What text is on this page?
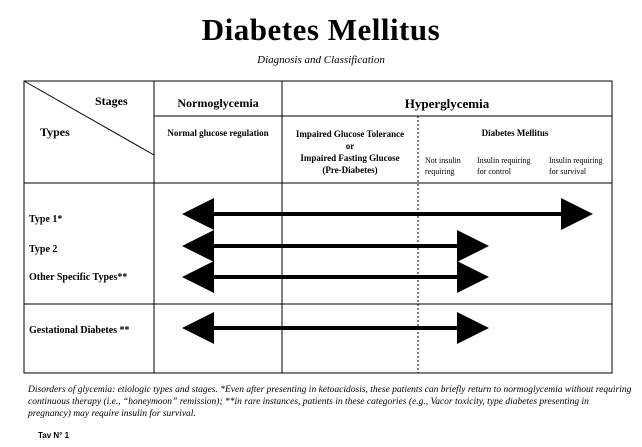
Diabetes Mellitus
Diagnosis and Classification
Stages
Types
Normoglycemia	Hyperglycemia
Normal glucose regulation	Impaired Glucose Tolerance
or
Impaired Fasting Glucose
(Pre-Diabetes)
Diabetes Mellitus
Not insulin
requiring
Insulin requiring
for control
Insulin requiring
for survival
Type 1*
Type 2
Other Specific Types**
Gestational Diabetes **
Disorders of glycemia: etiologic types and stages. *Even after presenting in ketoacidosis, these patients can briefly return to normoglycemia without requiring continuous therapy (i.e., “honeymoon” remission); **in rare instances, patients in these categories (e.g., Vacor toxicity, type diabetes presenting in pregnancy) may require insulin for survival.
Tav N° 1
